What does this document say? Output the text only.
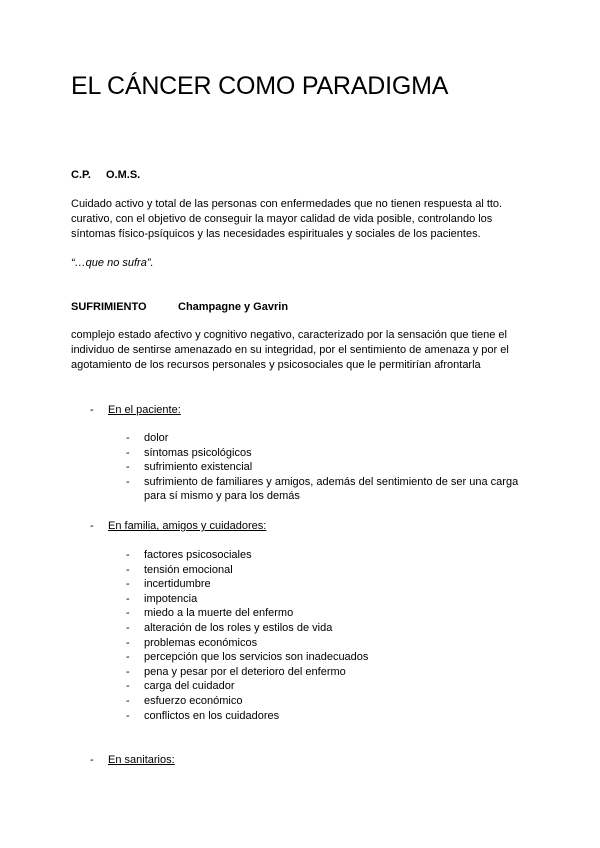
EL CÁNCER COMO PARADIGMA
C.P. O.M.S.

Cuidado activo y total de las personas con enfermedades que no tienen respuesta al tto.
curativo, con el objetivo de conseguir la mayor calidad de vida posible, controlando los
síntomas físico-psíquicos y las necesidades espirituales y sociales de los pacientes.

“…que no sufra”.
SUFRIMIENTO	Champagne y Gavrin

complejo estado afectivo y cognitivo negativo, caracterizado por la sensación que tiene el
individuo de sentirse amenazado en su integridad, por el sentimiento de amenaza y por el
agotamiento de los recursos personales y psicosociales que le permitirían afrontarla

- En el paciente:
- dolor
- síntomas psicológicos
- sufrimiento existencial
- sufrimiento de familiares y amigos, además del sentimiento de ser una carga
para sí mismo y para los demás
- En familia, amigos y cuidadores:
- factores psicosociales
- tensión emocional
- incertidumbre
- impotencia
- miedo a la muerte del enfermo
- alteración de los roles y estilos de vida
- problemas económicos
- percepción que los servicios son inadecuados
- pena y pesar por el deterioro del enfermo
- carga del cuidador
- esfuerzo económico
- conflictos en los cuidadores
- En sanitarios:
